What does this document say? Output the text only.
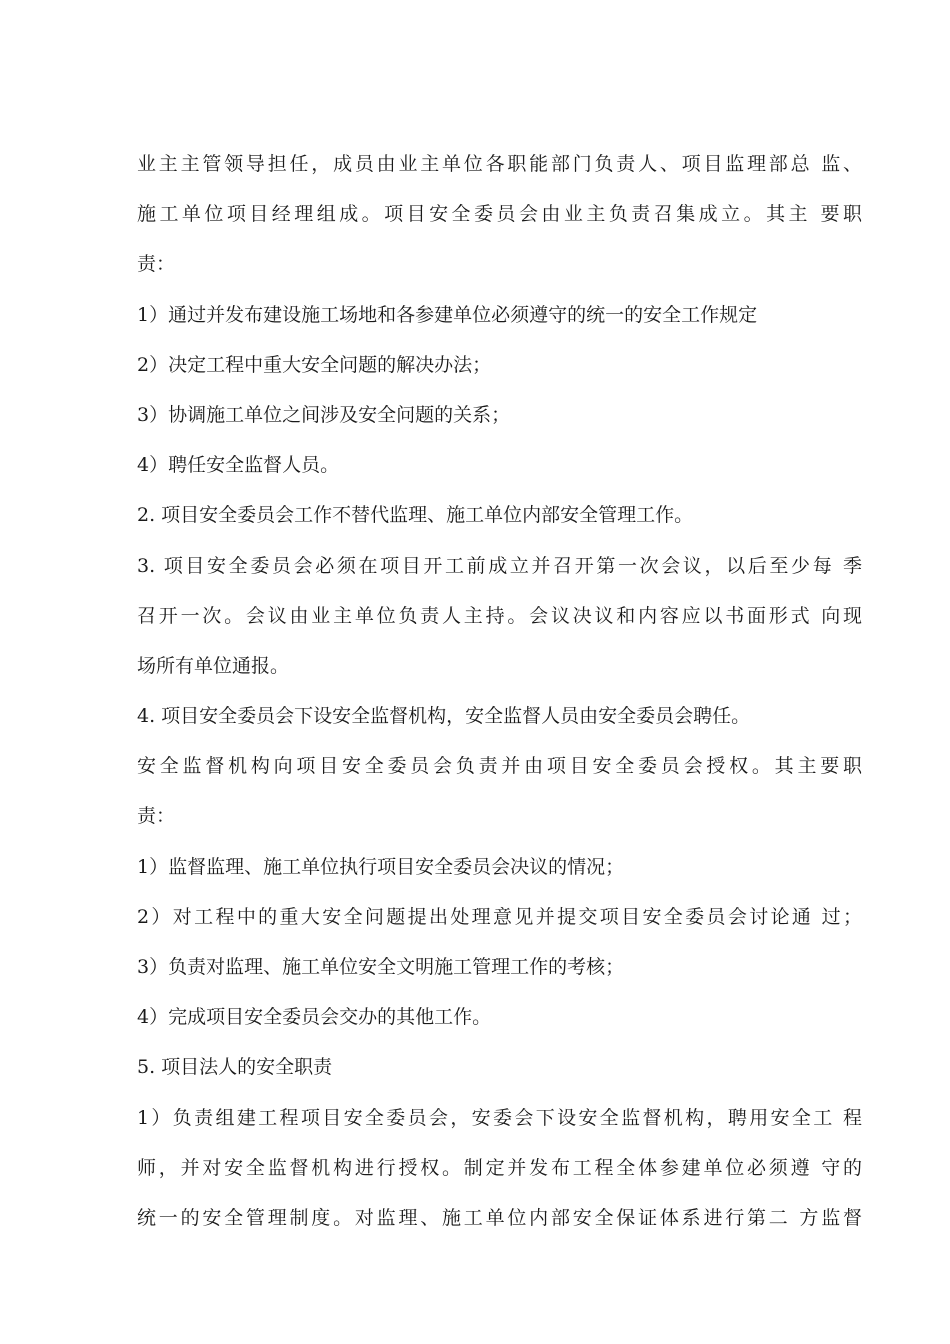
业主主管领导担任，成员由业主单位各职能部门负责人、项目监理部总 监、
施工单位项目经理组成。项目安全委员会由业主负责召集成立。其主 要职
责：
1）通过并发布建设施工场地和各参建单位必须遵守的统一的安全工作规定
2）决定工程中重大安全问题的解决办法；
3）协调施工单位之间涉及安全问题的关系；
4）聘任安全监督人员。
2. 项目安全委员会工作不替代监理、施工单位内部安全管理工作。
3. 项目安全委员会必须在项目开工前成立并召开第一次会议，以后至少每 季
召开一次。会议由业主单位负责人主持。会议决议和内容应以书面形式 向现
场所有单位通报。
4. 项目安全委员会下设安全监督机构，安全监督人员由安全委员会聘任。
安全监督机构向项目安全委员会负责并由项目安全委员会授权。其主要职
责：
1）监督监理、施工单位执行项目安全委员会决议的情况；
2）对工程中的重大安全问题提出处理意见并提交项目安全委员会讨论通 过；
3）负责对监理、施工单位安全文明施工管理工作的考核；
4）完成项目安全委员会交办的其他工作。
5. 项目法人的安全职责
1）负责组建工程项目安全委员会，安委会下设安全监督机构，聘用安全工 程
师，并对安全监督机构进行授权。制定并发布工程全体参建单位必须遵 守的
统一的安全管理制度。对监理、施工单位内部安全保证体系进行第二 方监督
